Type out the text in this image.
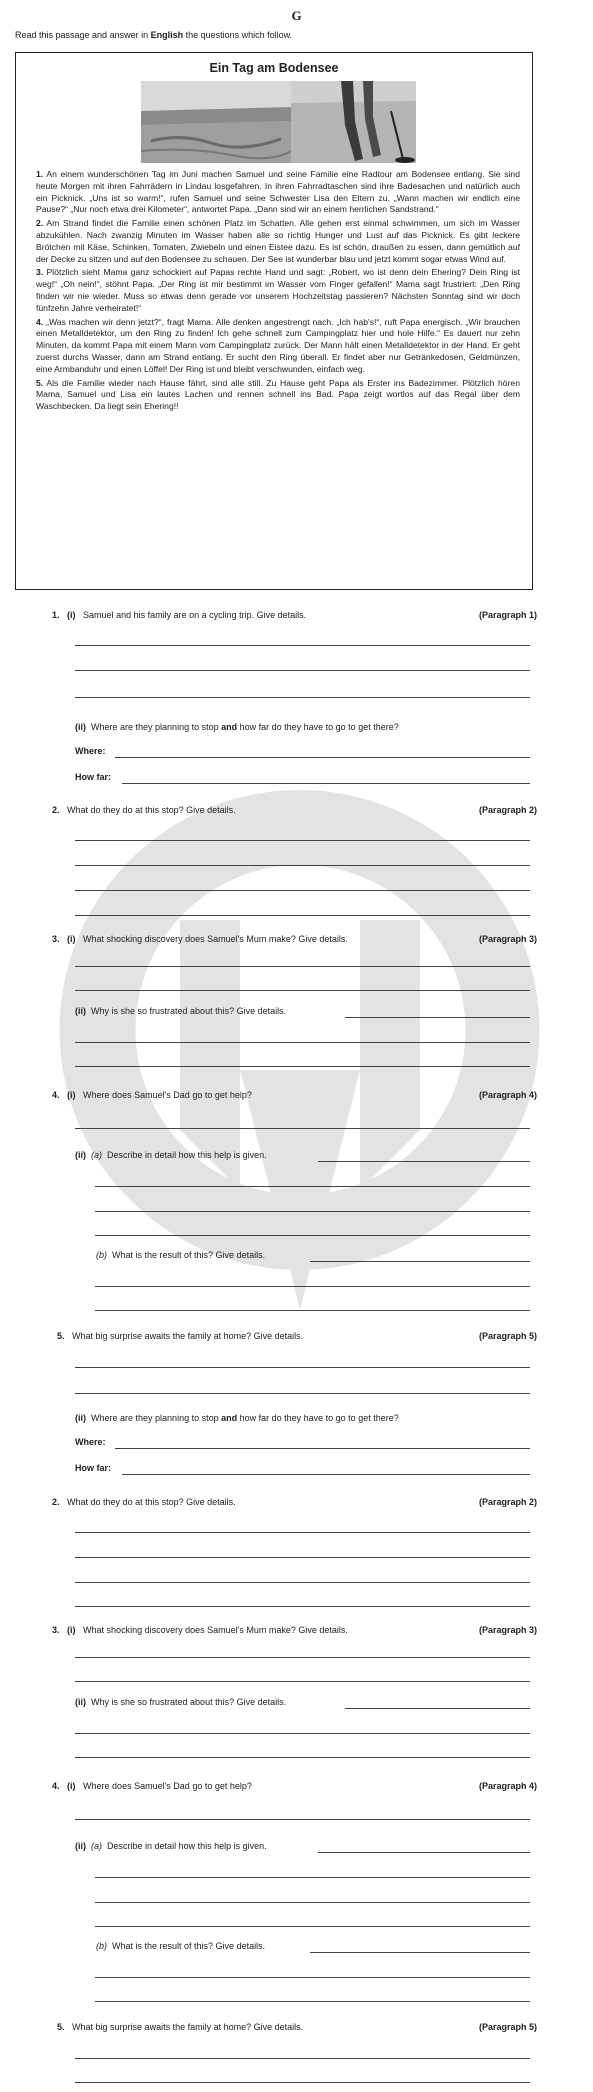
G
Read this passage and answer in English the questions which follow.
Ein Tag am Bodensee

1. An einem wunderschönen Tag im Juni machen Samuel und seine Familie eine Radtour am Bodensee entlang. Sie sind heute Morgen mit ihren Fahrrädern in Lindau losgefahren. In ihren Fahrradtaschen sind ihre Badesachen und natürlich auch ein Picknick. „Uns ist so warm!“, rufen Samuel und seine Schwester Lisa den Eltern zu. „Wann machen wir endlich eine Pause?“ „Nur noch etwa drei Kilometer“, antwortet Papa. „Dann sind wir an einem herrlichen Sandstrand.“

2. Am Strand findet die Familie einen schönen Platz im Schatten. Alle gehen erst einmal schwimmen, um sich im Wasser abzukühlen. Nach zwanzig Minuten im Wasser haben alle so richtig Hunger und Lust auf das Picknick. Es gibt leckere Brötchen mit Käse, Schinken, Tomaten, Zwiebeln und einen Eistee dazu. Es ist schön, draußen zu essen, dann gemütlich auf der Decke zu sitzen und auf den Bodensee zu schauen. Der See ist wunderbar blau und jetzt kommt sogar etwas Wind auf.

3. Plötzlich sieht Mama ganz schockiert auf Papas rechte Hand und sagt: „Robert, wo ist denn dein Ehering? Dein Ring ist weg!“ „Oh nein!“, stöhnt Papa. „Der Ring ist mir bestimmt im Wasser vom Finger gefallen!“ Mama sagt frustriert: „Den Ring finden wir nie wieder. Muss so etwas denn gerade vor unserem Hochzeitstag passieren? Nächsten Sonntag sind wir doch fünfzehn Jahre verheiratet!“

4. „Was machen wir denn jetzt?“, fragt Mama. Alle denken angestrengt nach. „Ich hab's!“, ruft Papa energisch. „Wir brauchen einen Metalldetektor, um den Ring zu finden! Ich gehe schnell zum Campingplatz hier und hole Hilfe.“ Es dauert nur zehn Minuten, da kommt Papa mit einem Mann vom Campingplatz zurück. Der Mann hält einen Metalldetektor in der Hand. Er geht zuerst durchs Wasser, dann am Strand entlang. Er sucht den Ring überall. Er findet aber nur Getränkedosen, Geldmünzen, eine Armbanduhr und einen Löffel! Der Ring ist und bleibt verschwunden, einfach weg.

5. Als die Familie wieder nach Hause fährt, sind alle still. Zu Hause geht Papa als Erster ins Badezimmer. Plötzlich hören Mama, Samuel und Lisa ein lautes Lachen und rennen schnell ins Bad. Papa zeigt wortlos auf das Regal über dem Waschbecken. Da liegt sein Ehering!!

1. (i) Samuel and his family are on a cycling trip. Give details.	(Paragraph 1)
(ii) Where are they planning to stop and how far do they have to go to get there?
Where:
How far:
2. What do they do at this stop? Give details.	(Paragraph 2)
3. (i) What shocking discovery does Samuel's Mum make? Give details.	(Paragraph 3)
(ii) Why is she so frustrated about this? Give details.
4. (i) Where does Samuel's Dad go to get help?	(Paragraph 4)
(ii) (a) Describe in detail how this help is given.
(b) What is the result of this? Give details.
5. What big surprise awaits the family at home? Give details.	(Paragraph 5)
(ii) Where are they planning to stop and how far do they have to go to get there?
Where:
How far:
2. What do they do at this stop? Give details.	(Paragraph 2)
3. (i) What shocking discovery does Samuel's Mum make? Give details.	(Paragraph 3)
(ii) Why is she so frustrated about this? Give details.
4. (i) Where does Samuel's Dad go to get help?	(Paragraph 4)
(ii) (a) Describe in detail how this help is given.
(b) What is the result of this? Give details.
5. What big surprise awaits the family at home? Give details.	(Paragraph 5)
